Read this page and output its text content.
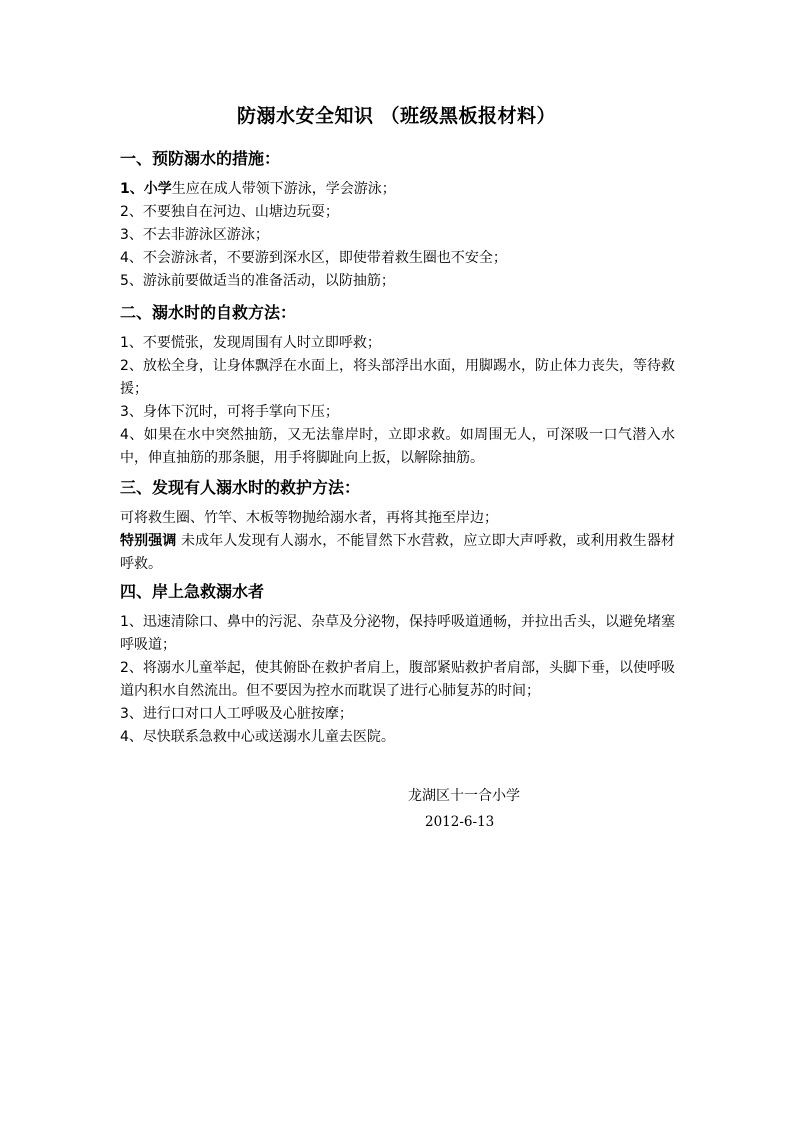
防溺水安全知识 （班级黑板报材料）
一、预防溺水的措施：

1、小学生应在成人带领下游泳，学会游泳；

2、不要独自在河边、山塘边玩耍；

3、不去非游泳区游泳；

4、不会游泳者，不要游到深水区，即使带着救生圈也不安全；

5、游泳前要做适当的准备活动，以防抽筋；

二、溺水时的自救方法：

1、不要慌张，发现周围有人时立即呼救；

2、放松全身，让身体飘浮在水面上，将头部浮出水面，用脚踢水，防止体力丧失，等待救援；

3、身体下沉时，可将手掌向下压；

4、如果在水中突然抽筋，又无法靠岸时，立即求救。如周围无人，可深吸一口气潜入水中，伸直抽筋的那条腿，用手将脚趾向上扳，以解除抽筋。

三、发现有人溺水时的救护方法：

可将救生圈、竹竿、木板等物抛给溺水者，再将其拖至岸边；

特别强调 未成年人发现有人溺水，不能冒然下水营救，应立即大声呼救，或利用救生器材呼救。

四、岸上急救溺水者

1、迅速清除口、鼻中的污泥、杂草及分泌物，保持呼吸道通畅，并拉出舌头，以避免堵塞呼吸道；

2、将溺水儿童举起，使其俯卧在救护者肩上，腹部紧贴救护者肩部，头脚下垂，以使呼吸道内积水自然流出。但不要因为控水而耽误了进行心肺复苏的时间；

3、进行口对口人工呼吸及心脏按摩；

4、尽快联系急救中心或送溺水儿童去医院。

龙湖区十一合小学
2012-6-13
